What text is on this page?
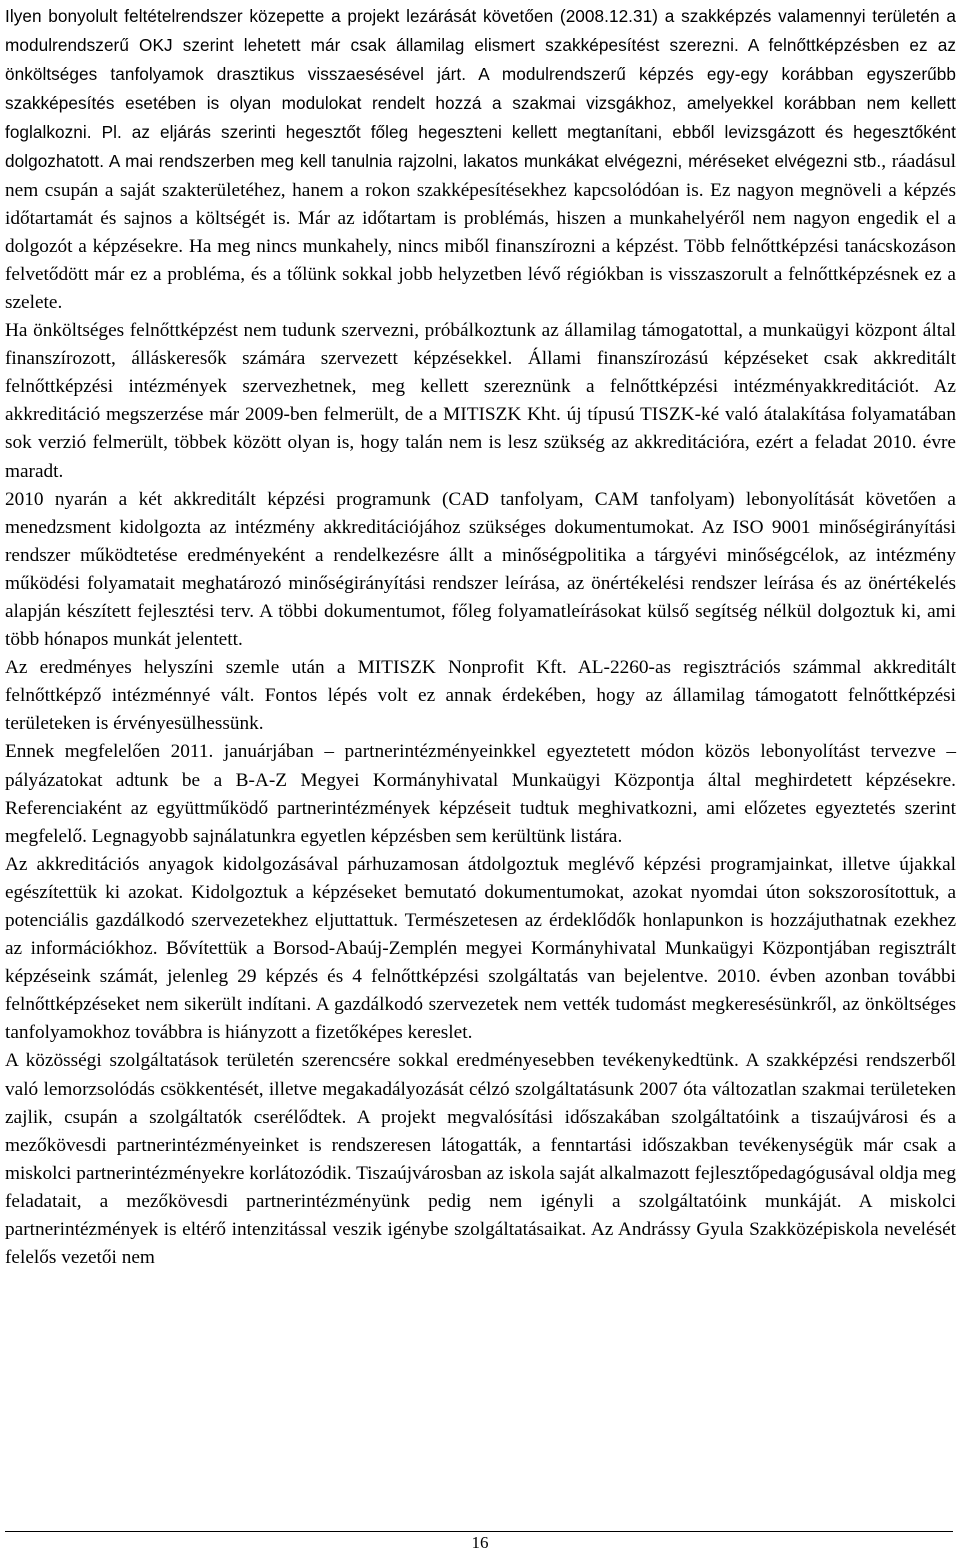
Ilyen bonyolult feltételrendszer közepette a projekt lezárását követően (2008.12.31) a szakképzés valamennyi területén a modulrendszerű OKJ szerint lehetett már csak államilag elismert szakképesítést szerezni. A felnőttképzésben ez az önköltséges tanfolyamok drasztikus visszaesésével járt. A modulrendszerű képzés egy-egy korábban egyszerűbb szakképesítés esetében is olyan modulokat rendelt hozzá a szakmai vizsgákhoz, amelyekkel korábban nem kellett foglalkozni. Pl. az eljárás szerinti hegesztőt főleg hegeszteni kellett megtanítani, ebből levizsgázott és hegesztőként dolgozhatott. A mai rendszerben meg kell tanulnia rajzolni, lakatos munkákat elvégezni, méréseket elvégezni stb., ráadásul nem csupán a saját szakterületéhez, hanem a rokon szakképesítésekhez kapcsolódóan is. Ez nagyon megnöveli a képzés időtartamát és sajnos a költségét is. Már az időtartam is problémás, hiszen a munkahelyéről nem nagyon engedik el a dolgozót a képzésekre. Ha meg nincs munkahely, nincs miből finanszírozni a képzést. Több felnőttképzési tanácskozáson felvetődött már ez a probléma, és a tőlünk sokkal jobb helyzetben lévő régiókban is visszaszorult a felnőttképzésnek ez a szelete.

Ha önköltséges felnőttképzést nem tudunk szervezni, próbálkoztunk az államilag támogatottal, a munkaügyi központ által finanszírozott, álláskeresők számára szervezett képzésekkel. Állami finanszírozású képzéseket csak akkreditált felnőttképzési intézmények szervezhetnek, meg kellett szereznünk a felnőttképzési intézményakkreditációt. Az akkreditáció megszerzése már 2009-ben felmerült, de a MITISZK Kht. új típusú TISZK-ké való átalakítása folyamatában sok verzió felmerült, többek között olyan is, hogy talán nem is lesz szükség az akkreditációra, ezért a feladat 2010. évre maradt.

2010 nyarán a két akkreditált képzési programunk (CAD tanfolyam, CAM tanfolyam) lebonyolítását követően a menedzsment kidolgozta az intézmény akkreditációjához szükséges dokumentumokat. Az ISO 9001 minőségirányítási rendszer működtetése eredményeként a rendelkezésre állt a minőségpolitika a tárgyévi minőségcélok, az intézmény működési folyamatait meghatározó minőségirányítási rendszer leírása, az önértékelési rendszer leírása és az önértékelés alapján készített fejlesztési terv. A többi dokumentumot, főleg folyamatleírásokat külső segítség nélkül dolgoztuk ki, ami több hónapos munkát jelentett.

Az eredményes helyszíni szemle után a MITISZK Nonprofit Kft. AL-2260-as regisztrációs számmal akkreditált felnőttképző intézménnyé vált. Fontos lépés volt ez annak érdekében, hogy az államilag támogatott felnőttképzési területeken is érvényesülhessünk.

Ennek megfelelően 2011. januárjában – partnerintézményeinkkel egyeztetett módon közös lebonyolítást tervezve – pályázatokat adtunk be a B-A-Z Megyei Kormányhivatal Munkaügyi Központja által meghirdetett képzésekre. Referenciaként az együttműködő partnerintézmények képzéseit tudtuk meghivatkozni, ami előzetes egyeztetés szerint megfelelő. Legnagyobb sajnálatunkra egyetlen képzésben sem kerültünk listára.

Az akkreditációs anyagok kidolgozásával párhuzamosan átdolgoztuk meglévő képzési programjainkat, illetve újakkal egészítettük ki azokat. Kidolgoztuk a képzéseket bemutató dokumentumokat, azokat nyomdai úton sokszorosítottuk, a potenciális gazdálkodó szervezetekhez eljuttattuk. Természetesen az érdeklődők honlapunkon is hozzájuthatnak ezekhez az információkhoz. Bővítettük a Borsod-Abaúj-Zemplén megyei Kormányhivatal Munkaügyi Központjában regisztrált képzéseink számát, jelenleg 29 képzés és 4 felnőttképzési szolgáltatás van bejelentve. 2010. évben azonban további felnőttképzéseket nem sikerült indítani. A gazdálkodó szervezetek nem vették tudomást megkeresésünkről, az önköltséges tanfolyamokhoz továbbra is hiányzott a fizetőképes kereslet.

A közösségi szolgáltatások területén szerencsére sokkal eredményesebben tevékenykedtünk. A szakképzési rendszerből való lemorzsolódás csökkentését, illetve megakadályozását célzó szolgáltatásunk 2007 óta változatlan szakmai területeken zajlik, csupán a szolgáltatók cserélődtek. A projekt megvalósítási időszakában szolgáltatóink a tiszaújvárosi és a mezőkövesdi partnerintézményeinket is rendszeresen látogatták, a fenntartási időszakban tevékenységük már csak a miskolci partnerintézményekre korlátozódik. Tiszaújvárosban az iskola saját alkalmazott fejlesztőpedagógusával oldja meg feladatait, a mezőkövesdi partnerintézményünk pedig nem igényli a szolgáltatóink munkáját. A miskolci partnerintézmények is eltérő intenzitással veszik igénybe szolgáltatásaikat. Az Andrássy Gyula Szakközépiskola nevelését felelős vezetői nem

16
